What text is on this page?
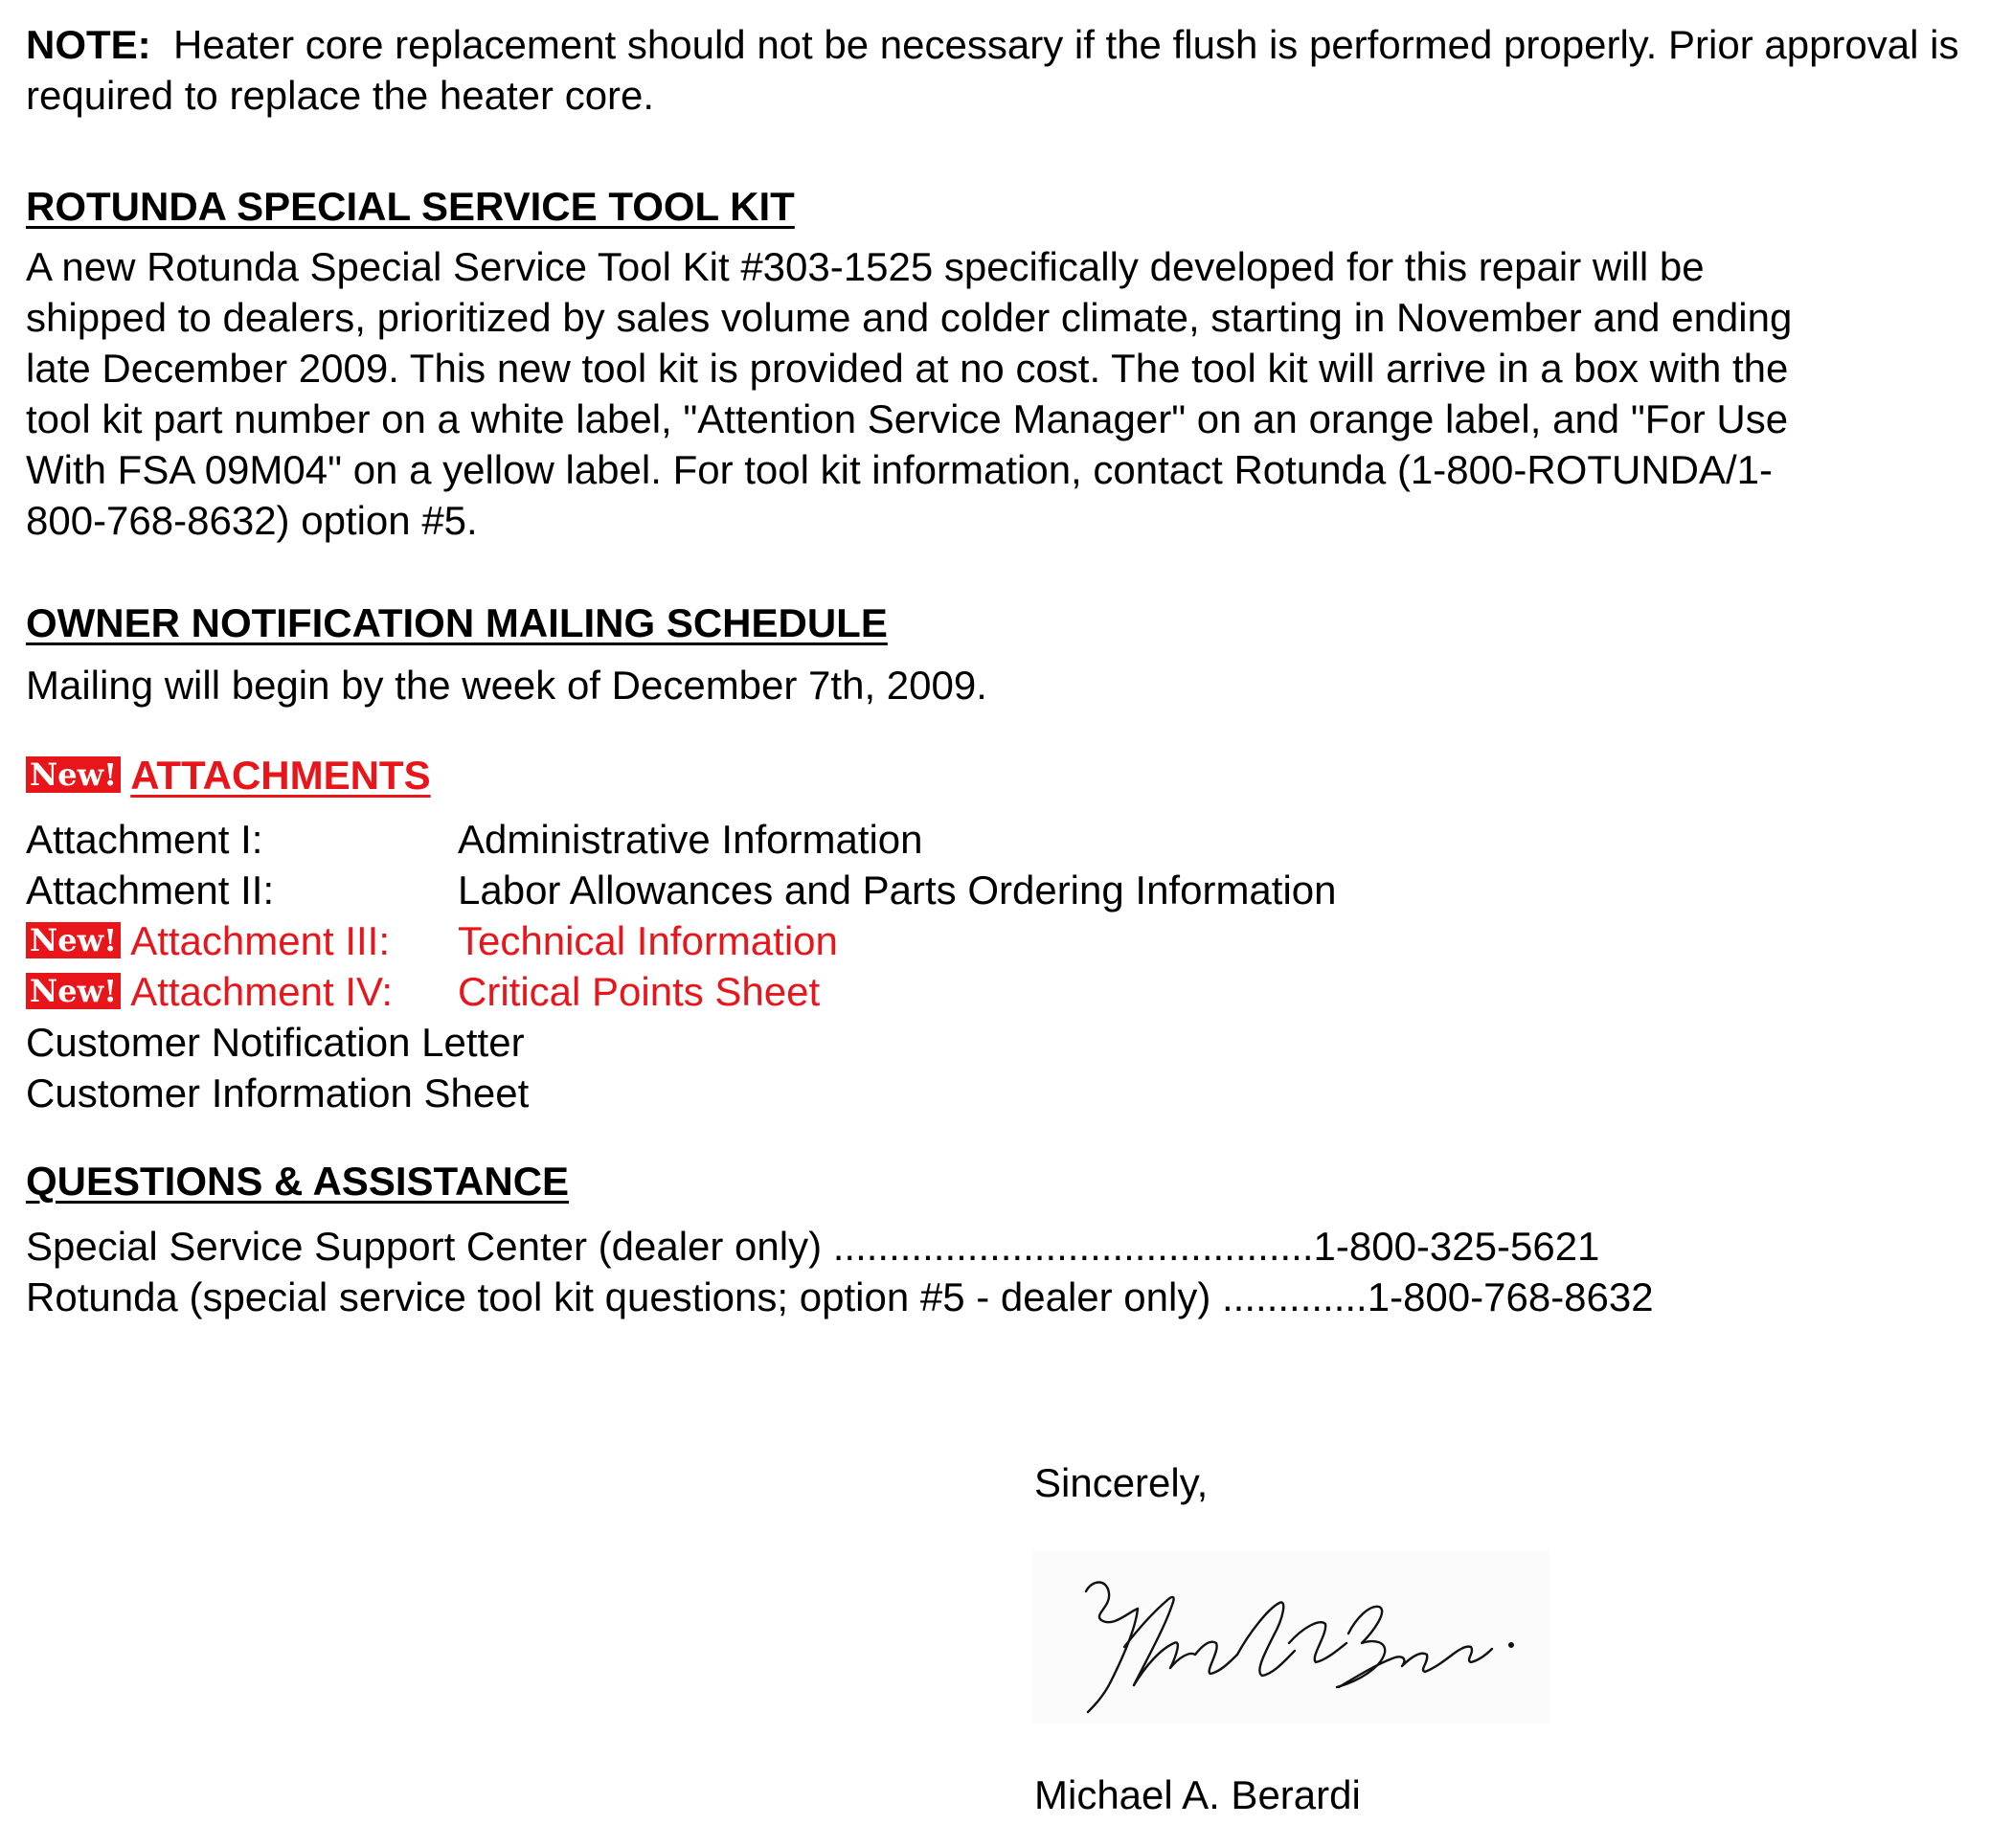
NOTE: Heater core replacement should not be necessary if the flush is performed properly. Prior approval is required to replace the heater core.

ROTUNDA SPECIAL SERVICE TOOL KIT
A new Rotunda Special Service Tool Kit #303-1525 specifically developed for this repair will be
shipped to dealers, prioritized by sales volume and colder climate, starting in November and ending
late December 2009. This new tool kit is provided at no cost. The tool kit will arrive in a box with the
tool kit part number on a white label, "Attention Service Manager" on an orange label, and "For Use
With FSA 09M04" on a yellow label. For tool kit information, contact Rotunda (1-800-ROTUNDA/1-
800-768-8632) option #5.
OWNER NOTIFICATION MAILING SCHEDULE

Mailing will begin by the week of December 7th, 2009.

New! ATTACHMENTS
Attachment I:	Administrative Information
Attachment II:	Labor Allowances and Parts Ordering Information
New! Attachment III:	Technical Information
New! Attachment IV:	Critical Points Sheet
Customer Notification Letter
Customer Information Sheet
QUESTIONS & ASSISTANCE
Special Service Support Center (dealer only) ...........................................1-800-325-5621
Rotunda (special service tool kit questions; option #5 - dealer only) .............1-800-768-8632
Sincerely,
Michael A. Berardi
